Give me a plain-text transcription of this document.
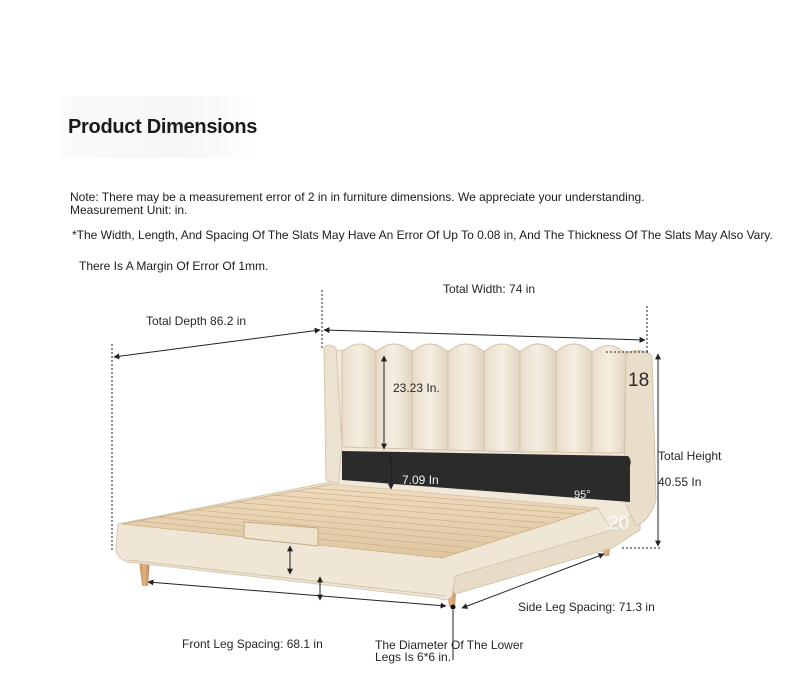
Product Dimensions
Note: There may be a measurement error of 2 in in furniture dimensions. We appreciate your understanding.
Measurement Unit: in.
*The Width, Length, And Spacing Of The Slats May Have An Error Of Up To 0.08 in, And The Thickness Of The Slats May Also Vary.
There Is A Margin Of Error Of 1mm.
Total Width: 74 in
Total Depth 86.2 in
23.23 In.
7.09 In
95°
18
20
Total Height
40.55 In
Side Leg Spacing: 71.3 in
Front Leg Spacing: 68.1 in	The Diameter Of The Lower
Legs Is 6*6 in.
